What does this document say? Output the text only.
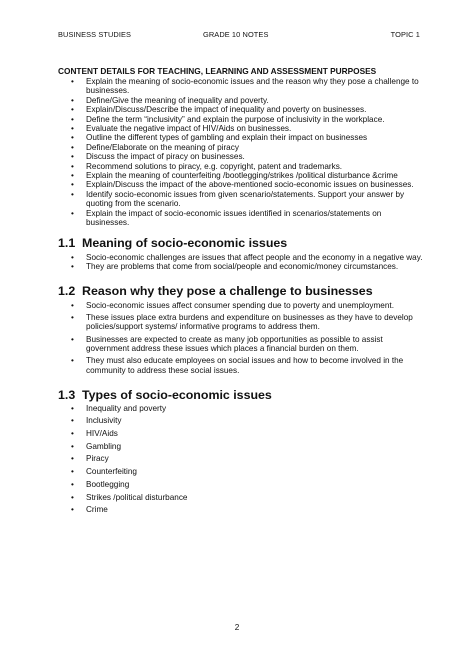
BUSINESS STUDIES	GRADE 10 NOTES	TOPIC 1
CONTENT DETAILS FOR TEACHING, LEARNING AND ASSESSMENT PURPOSES
• Explain the meaning of socio-economic issues and the reason why they pose a challenge to businesses.
• Define/Give the meaning of inequality and poverty.
• Explain/Discuss/Describe the impact of inequality and poverty on businesses.
• Define the term “inclusivity” and explain the purpose of inclusivity in the workplace.
• Evaluate the negative impact of HIV/Aids on businesses.
• Outline the different types of gambling and explain their impact on businesses
• Define/Elaborate on the meaning of piracy
• Discuss the impact of piracy on businesses.
• Recommend solutions to piracy, e.g. copyright, patent and trademarks.
• Explain the meaning of counterfeiting /bootlegging/strikes /political disturbance &crime
• Explain/Discuss the impact of the above-mentioned socio-economic issues on businesses.
• Identify socio-economic issues from given scenario/statements. Support your answer by quoting from the scenario.
• Explain the impact of socio-economic issues identified in scenarios/statements on businesses.
1.1 Meaning of socio-economic issues
• Socio-economic challenges are issues that affect people and the economy in a negative way.
• They are problems that come from social/people and economic/money circumstances.
1.2 Reason why they pose a challenge to businesses
• Socio-economic issues affect consumer spending due to poverty and unemployment.
• These issues place extra burdens and expenditure on businesses as they have to develop policies/support systems/ informative programs to address them.
• Businesses are expected to create as many job opportunities as possible to assist government address these issues which places a financial burden on them.
• They must also educate employees on social issues and how to become involved in the community to address these social issues.
1.3 Types of socio-economic issues
• Inequality and poverty
• Inclusivity
• HIV/Aids
• Gambling
• Piracy
• Counterfeiting
• Bootlegging
• Strikes /political disturbance
• Crime
2
